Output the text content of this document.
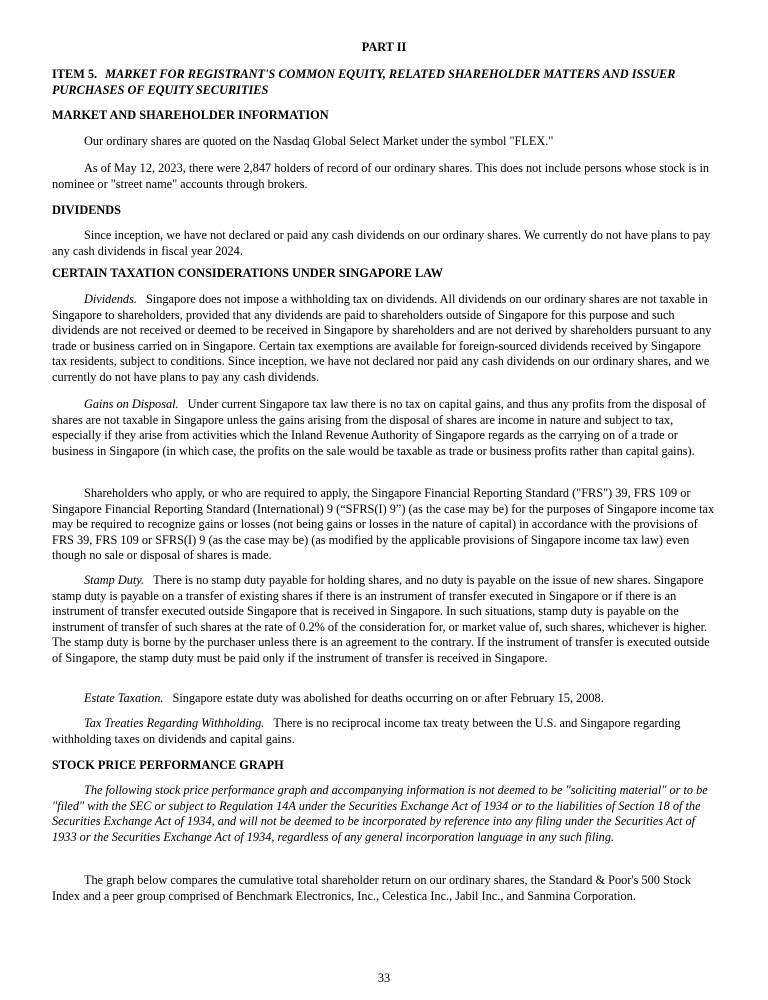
PART II
ITEM 5. MARKET FOR REGISTRANT'S COMMON EQUITY, RELATED SHAREHOLDER MATTERS AND ISSUER PURCHASES OF EQUITY SECURITIES
MARKET AND SHAREHOLDER INFORMATION
Our ordinary shares are quoted on the Nasdaq Global Select Market under the symbol "FLEX."
As of May 12, 2023, there were 2,847 holders of record of our ordinary shares. This does not include persons whose stock is in nominee or "street name" accounts through brokers.
DIVIDENDS
Since inception, we have not declared or paid any cash dividends on our ordinary shares. We currently do not have plans to pay any cash dividends in fiscal year 2024.
CERTAIN TAXATION CONSIDERATIONS UNDER SINGAPORE LAW
Dividends. Singapore does not impose a withholding tax on dividends. All dividends on our ordinary shares are not taxable in Singapore to shareholders, provided that any dividends are paid to shareholders outside of Singapore for this purpose and such dividends are not received or deemed to be received in Singapore by shareholders and are not derived by shareholders pursuant to any trade or business carried on in Singapore. Certain tax exemptions are available for foreign-sourced dividends received by Singapore tax residents, subject to conditions. Since inception, we have not declared nor paid any cash dividends on our ordinary shares, and we currently do not have plans to pay any cash dividends.
Gains on Disposal. Under current Singapore tax law there is no tax on capital gains, and thus any profits from the disposal of shares are not taxable in Singapore unless the gains arising from the disposal of shares are income in nature and subject to tax, especially if they arise from activities which the Inland Revenue Authority of Singapore regards as the carrying on of a trade or business in Singapore (in which case, the profits on the sale would be taxable as trade or business profits rather than capital gains).
Shareholders who apply, or who are required to apply, the Singapore Financial Reporting Standard ("FRS") 39, FRS 109 or Singapore Financial Reporting Standard (International) 9 (“SFRS(I) 9”) (as the case may be) for the purposes of Singapore income tax may be required to recognize gains or losses (not being gains or losses in the nature of capital) in accordance with the provisions of FRS 39, FRS 109 or SFRS(I) 9 (as the case may be) (as modified by the applicable provisions of Singapore income tax law) even though no sale or disposal of shares is made.
Stamp Duty. There is no stamp duty payable for holding shares, and no duty is payable on the issue of new shares. Singapore stamp duty is payable on a transfer of existing shares if there is an instrument of transfer executed in Singapore or if there is an instrument of transfer executed outside Singapore that is received in Singapore. In such situations, stamp duty is payable on the instrument of transfer of such shares at the rate of 0.2% of the consideration for, or market value of, such shares, whichever is higher. The stamp duty is borne by the purchaser unless there is an agreement to the contrary. If the instrument of transfer is executed outside of Singapore, the stamp duty must be paid only if the instrument of transfer is received in Singapore.
Estate Taxation. Singapore estate duty was abolished for deaths occurring on or after February 15, 2008.
Tax Treaties Regarding Withholding. There is no reciprocal income tax treaty between the U.S. and Singapore regarding withholding taxes on dividends and capital gains.
STOCK PRICE PERFORMANCE GRAPH
The following stock price performance graph and accompanying information is not deemed to be "soliciting material" or to be "filed" with the SEC or subject to Regulation 14A under the Securities Exchange Act of 1934 or to the liabilities of Section 18 of the Securities Exchange Act of 1934, and will not be deemed to be incorporated by reference into any filing under the Securities Act of 1933 or the Securities Exchange Act of 1934, regardless of any general incorporation language in any such filing.
The graph below compares the cumulative total shareholder return on our ordinary shares, the Standard & Poor's 500 Stock Index and a peer group comprised of Benchmark Electronics, Inc., Celestica Inc., Jabil Inc., and Sanmina Corporation.
33
